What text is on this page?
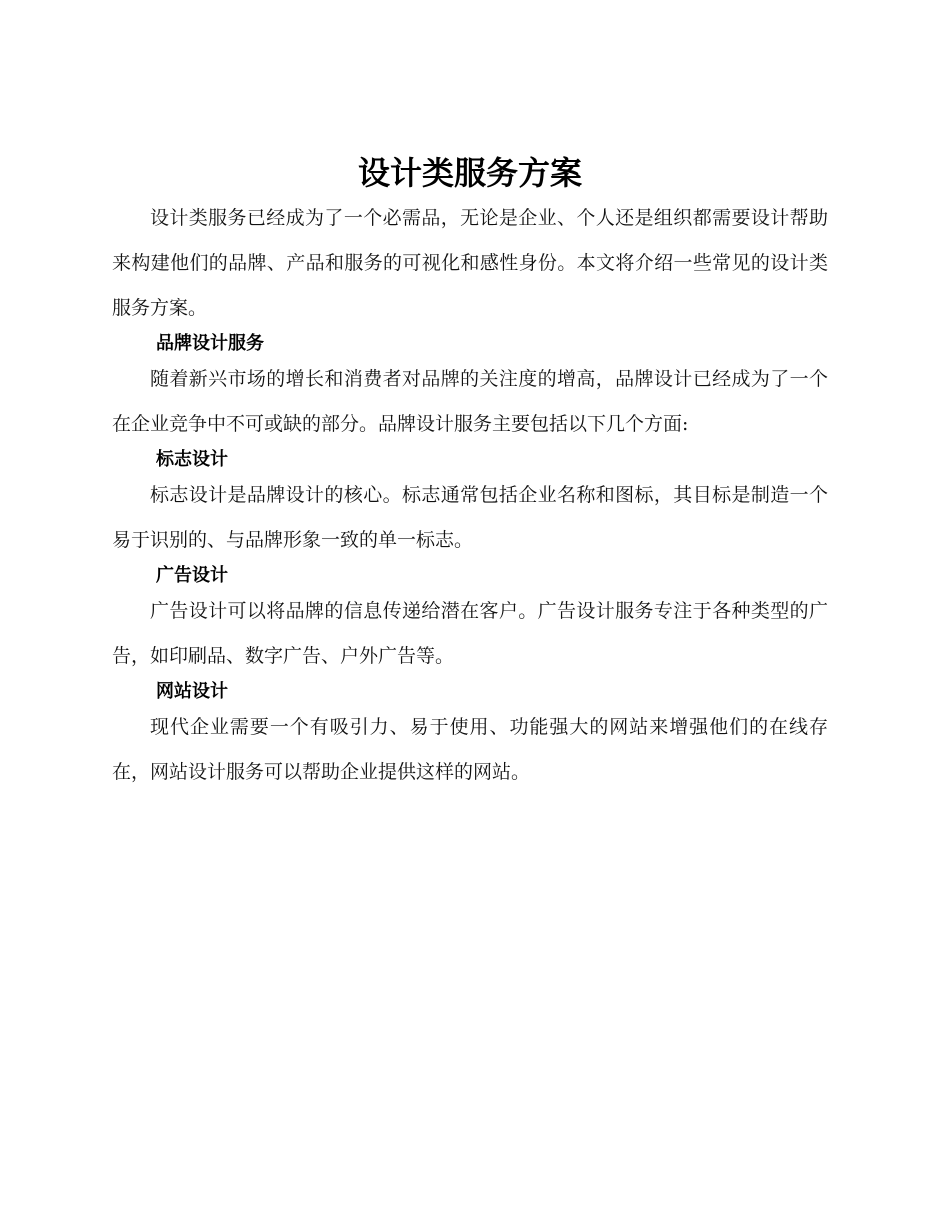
设计类服务方案

设计类服务已经成为了一个必需品，无论是企业、个人还是组织都需要设计帮助来构建他们的品牌、产品和服务的可视化和感性身份。本文将介绍一些常见的设计类服务方案。

品牌设计服务

随着新兴市场的增长和消费者对品牌的关注度的增高，品牌设计已经成为了一个在企业竞争中不可或缺的部分。品牌设计服务主要包括以下几个方面:

标志设计

标志设计是品牌设计的核心。标志通常包括企业名称和图标，其目标是制造一个易于识别的、与品牌形象一致的单一标志。

广告设计

广告设计可以将品牌的信息传递给潜在客户。广告设计服务专注于各种类型的广告，如印刷品、数字广告、户外广告等。

网站设计

现代企业需要一个有吸引力、易于使用、功能强大的网站来增强他们的在线存在，网站设计服务可以帮助企业提供这样的网站。
